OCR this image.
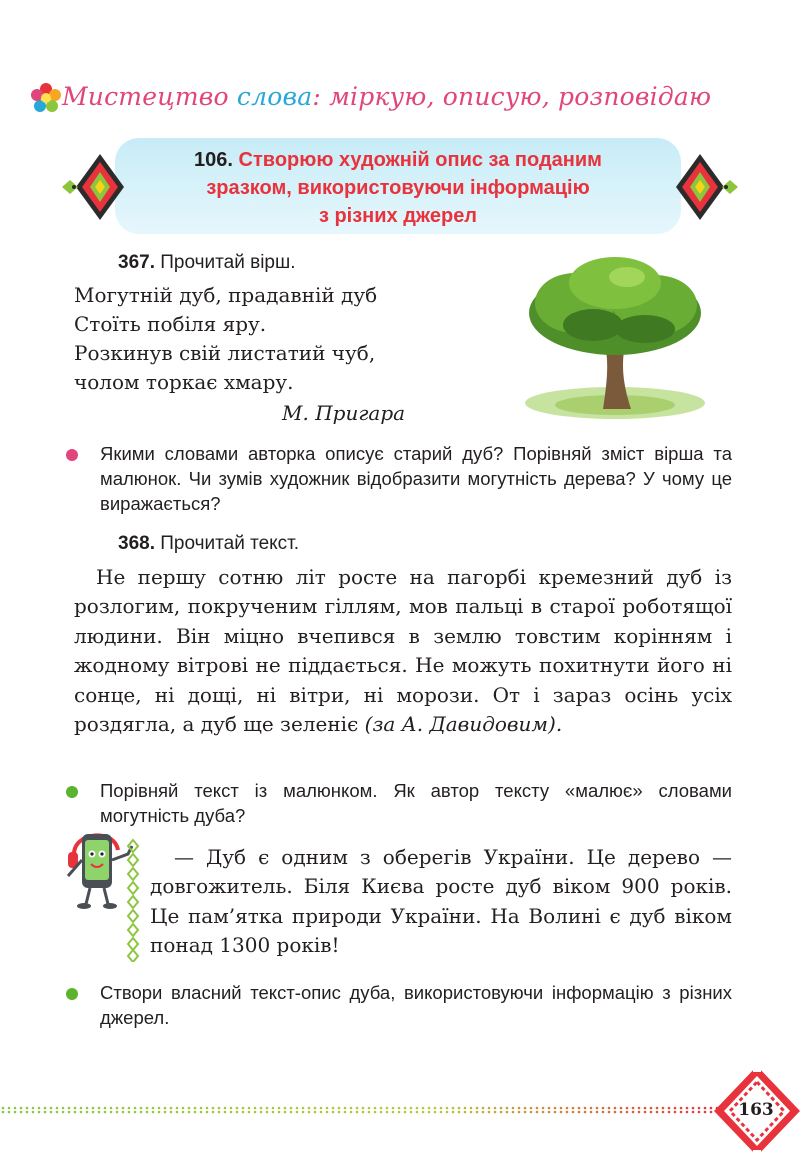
Мистецтво слова: міркую, описую, розповідаю
106. Створюю художній опис за поданим
зразком, використовуючи інформацію
з різних джерел
367. Прочитай вірш.
Могутній дуб, прадавній дуб
Стоїть побіля яру.
Розкинув свій листатий чуб,
чолом торкає хмару.
М. Пригара
Якими словами авторка описує старий дуб? Порівняй зміст вірша та малюнок. Чи зумів художник відобразити могутність дерева? У чому це виражається?
368. Прочитай текст.
Не першу сотню літ росте на пагорбі кремезний дуб із розлогим, покрученим гіллям, мов пальці в старої роботящої людини. Він міцно вчепився в землю товстим корінням і жодному вітрові не піддається. Не можуть похитнути його ні сонце, ні дощі, ні вітри, ні морози. От і зараз осінь усіх роздягла, а дуб ще зеленіє (за А. Давидовим).
Порівняй текст із малюнком. Як автор тексту «малює» словами могутність дуба?
— Дуб є одним з оберегів України. Це дерево — довгожитель. Біля Києва росте дуб віком 900 років. Це пам’ятка природи України. На Волині є дуб віком понад 1300 років!
Створи власний текст-опис дуба, використовуючи інформацію з різних джерел.
163
